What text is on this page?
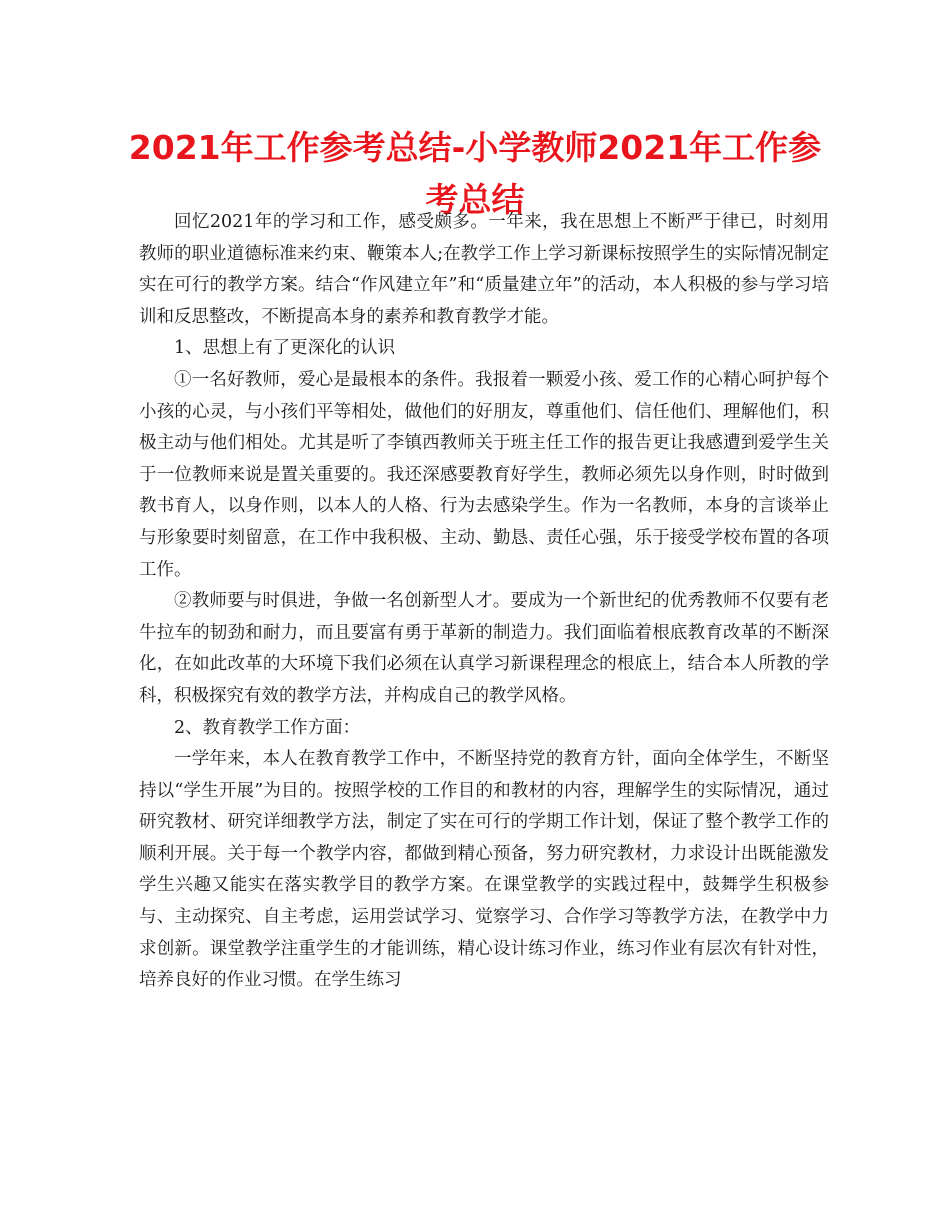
2021年工作参考总结-小学教师2021年工作参考总结

回忆2021年的学习和工作，感受颇多。一年来，我在思想上不断严于律已，时刻用教师的职业道德标准来约束、鞭策本人;在教学工作上学习新课标按照学生的实际情况制定实在可行的教学方案。结合“作风建立年”和“质量建立年”的活动，本人积极的参与学习培训和反思整改，不断提高本身的素养和教育教学才能。

1、思想上有了更深化的认识

①一名好教师，爱心是最根本的条件。我报着一颗爱小孩、爱工作的心精心呵护每个小孩的心灵，与小孩们平等相处，做他们的好朋友，尊重他们、信任他们、理解他们，积极主动与他们相处。尤其是听了李镇西教师关于班主任工作的报告更让我感遭到爱学生关于一位教师来说是置关重要的。我还深感要教育好学生，教师必须先以身作则，时时做到教书育人，以身作则，以本人的人格、行为去感染学生。作为一名教师，本身的言谈举止与形象要时刻留意，在工作中我积极、主动、勤恳、责任心强，乐于接受学校布置的各项工作。

②教师要与时俱进，争做一名创新型人才。要成为一个新世纪的优秀教师不仅要有老牛拉车的韧劲和耐力，而且要富有勇于革新的制造力。我们面临着根底教育改革的不断深化，在如此改革的大环境下我们必须在认真学习新课程理念的根底上，结合本人所教的学科，积极探究有效的教学方法，并构成自己的教学风格。

2、教育教学工作方面：

一学年来，本人在教育教学工作中，不断坚持党的教育方针，面向全体学生，不断坚持以“学生开展”为目的。按照学校的工作目的和教材的内容，理解学生的实际情况，通过研究教材、研究详细教学方法，制定了实在可行的学期工作计划，保证了整个教学工作的顺利开展。关于每一个教学内容，都做到精心预备，努力研究教材，力求设计出既能激发学生兴趣又能实在落实教学目的教学方案。在课堂教学的实践过程中，鼓舞学生积极参与、主动探究、自主考虑，运用尝试学习、觉察学习、合作学习等教学方法，在教学中力求创新。课堂教学注重学生的才能训练，精心设计练习作业，练习作业有层次有针对性，培养良好的作业习惯。在学生练习
